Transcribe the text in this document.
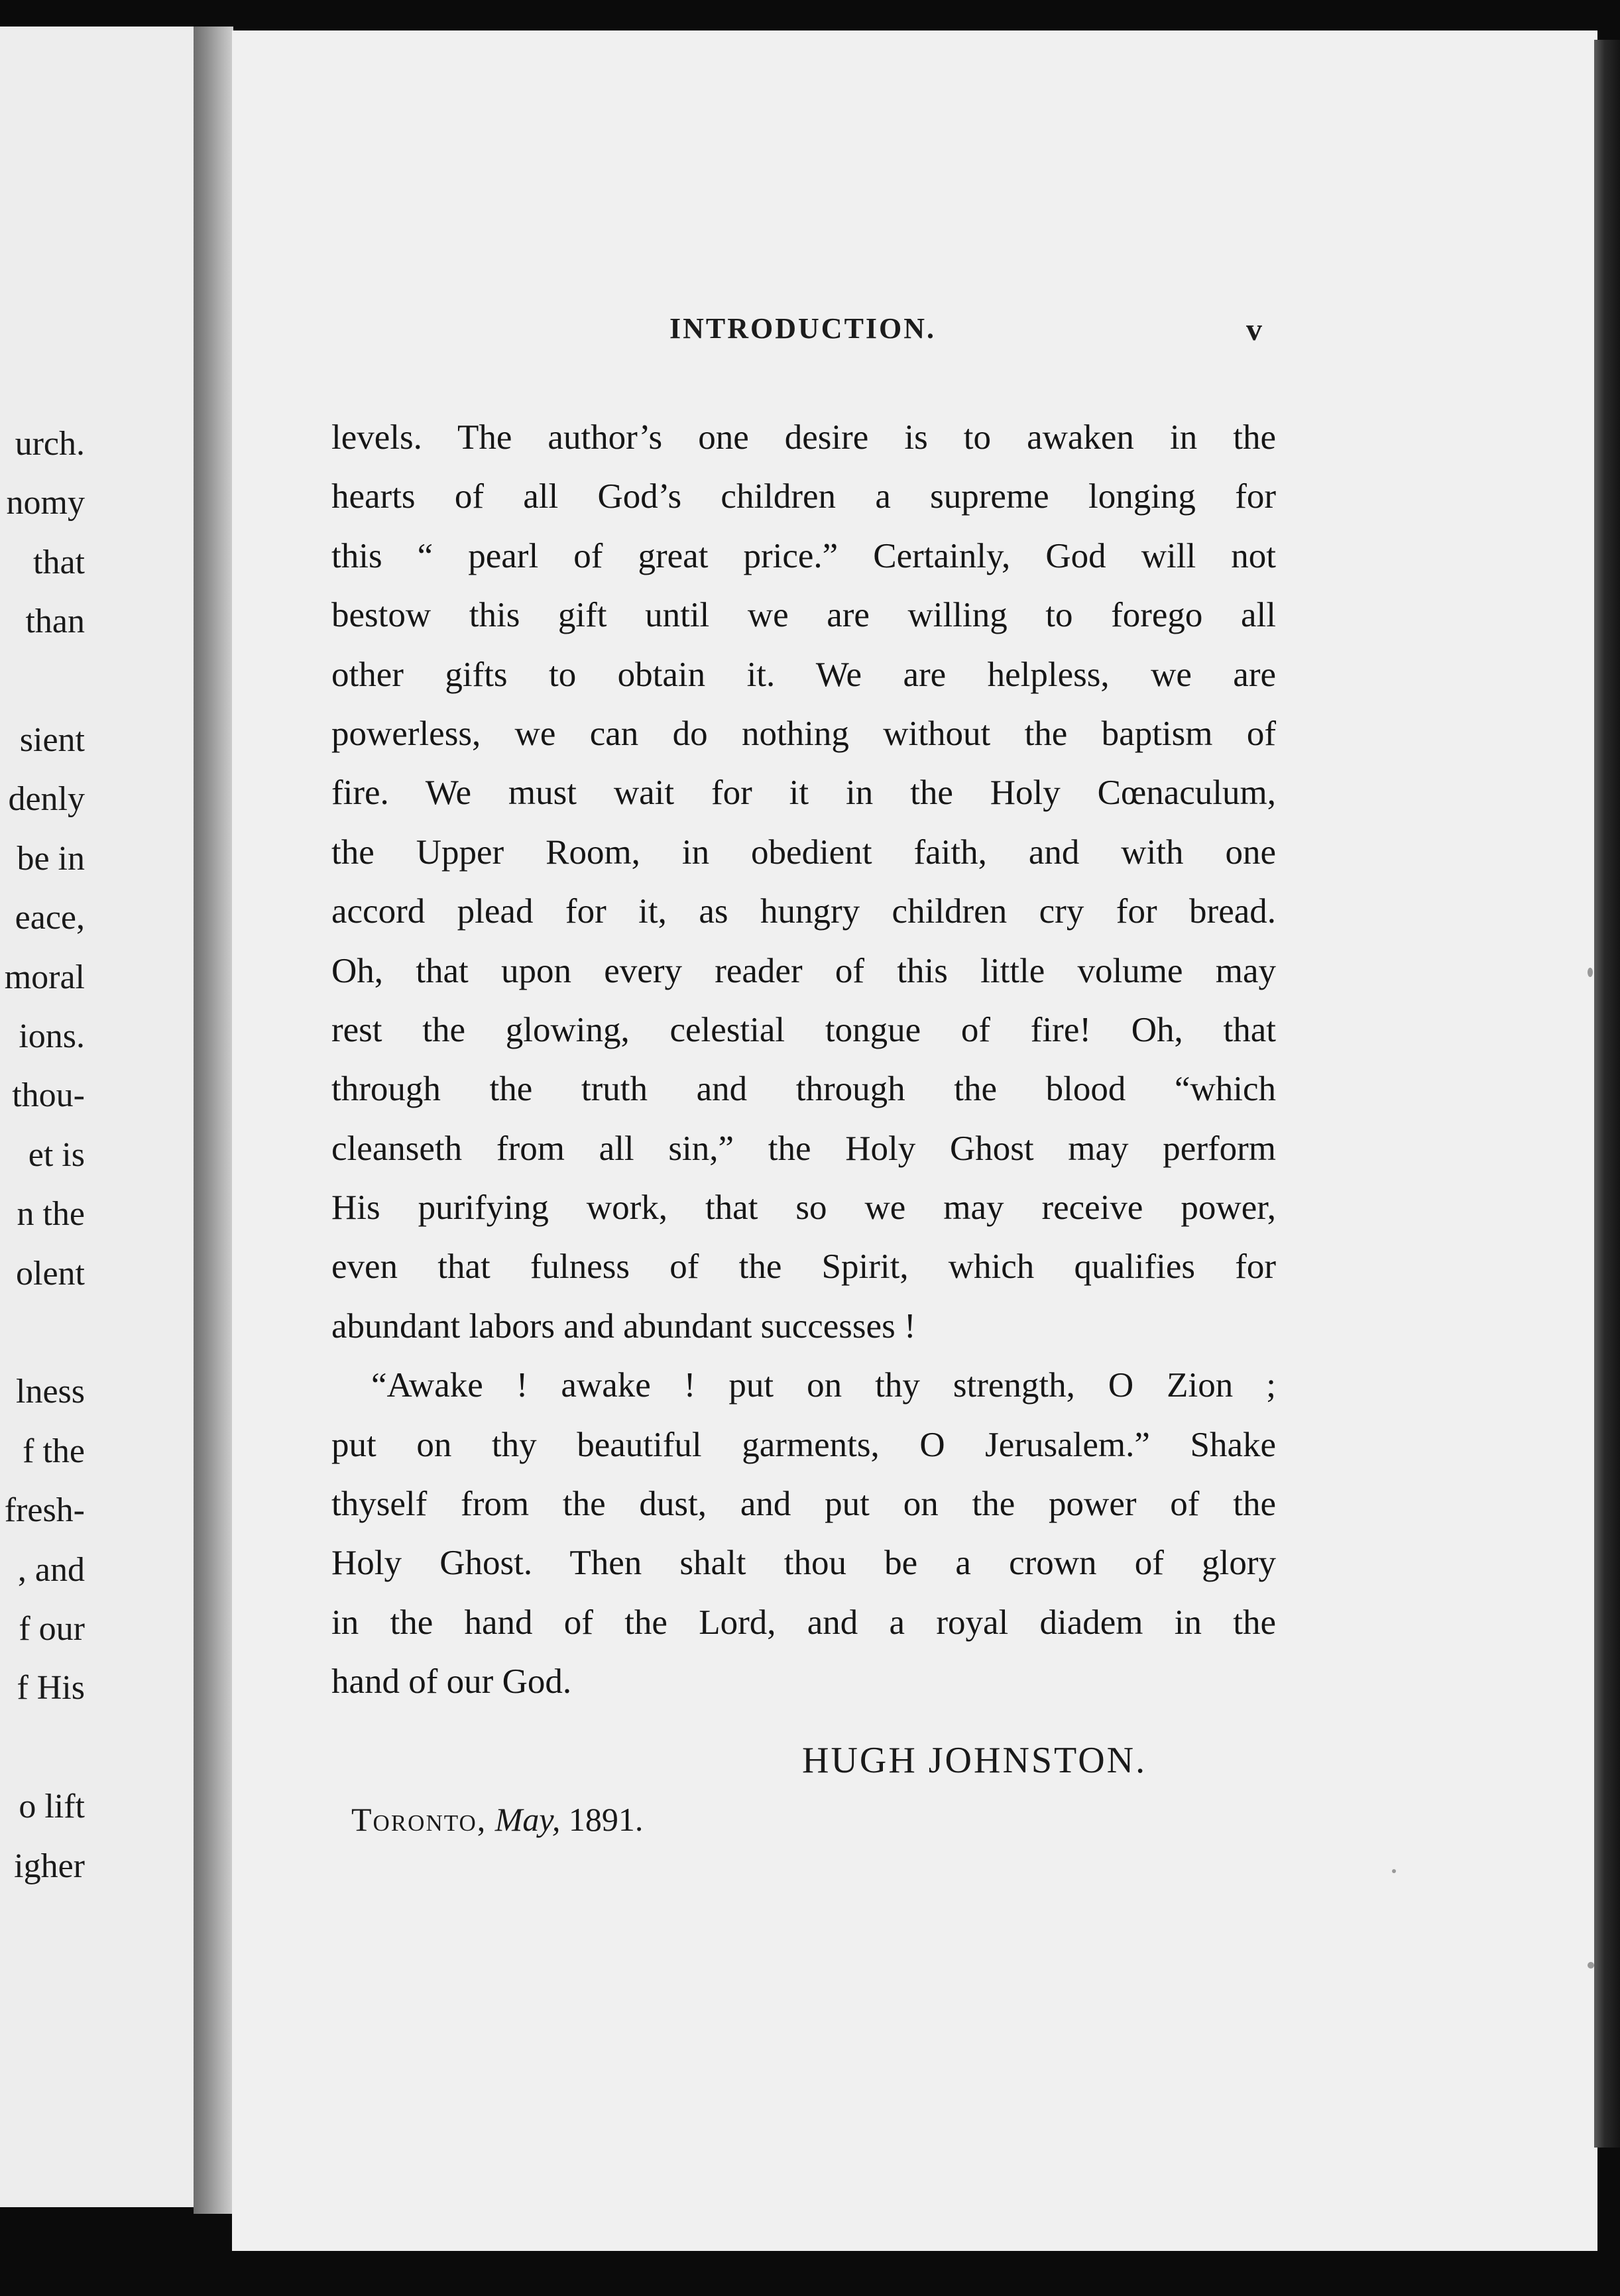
‎urch.‎
‎nomy‎
‎that‎
‎than‎
‎sient‎
‎denly‎
‎be in‎
‎eace,‎
‎moral‎
‎ions.‎
‎thou-‎
‎et is‎
‎n the‎
‎olent‎
‎lness‎
‎f the‎
‎fresh-‎
‎, and‎
‎f our‎
‎f His‎
‎o lift‎
‎igher‎
INTRODUCTION.	v
levels. The author’s one desire is to awaken in the
hearts of all God’s children a supreme longing for
this “ pearl of great price.” Certainly, God will not
bestow this gift until we are willing to forego all
other gifts to obtain it. We are helpless, we are
powerless, we can do nothing without the baptism of
fire. We must wait for it in the Holy Cœnaculum,
the Upper Room, in obedient faith, and with one
accord plead for it, as hungry children cry for bread.
Oh, that upon every reader of this little volume may
rest the glowing, celestial tongue of fire! Oh, that
through the truth and through the blood “which
cleanseth from all sin,” the Holy Ghost may perform
His purifying work, that so we may receive power,
even that fulness of the Spirit, which qualifies for
abundant labors and abundant successes !
“Awake ! awake ! put on thy strength, O Zion ;
put on thy beautiful garments, O Jerusalem.” Shake
thyself from the dust, and put on the power of the
Holy Ghost. Then shalt thou be a crown of glory
in the hand of the Lord, and a royal diadem in the
hand of our God.
HUGH JOHNSTON.
Toronto, May, 1891.
